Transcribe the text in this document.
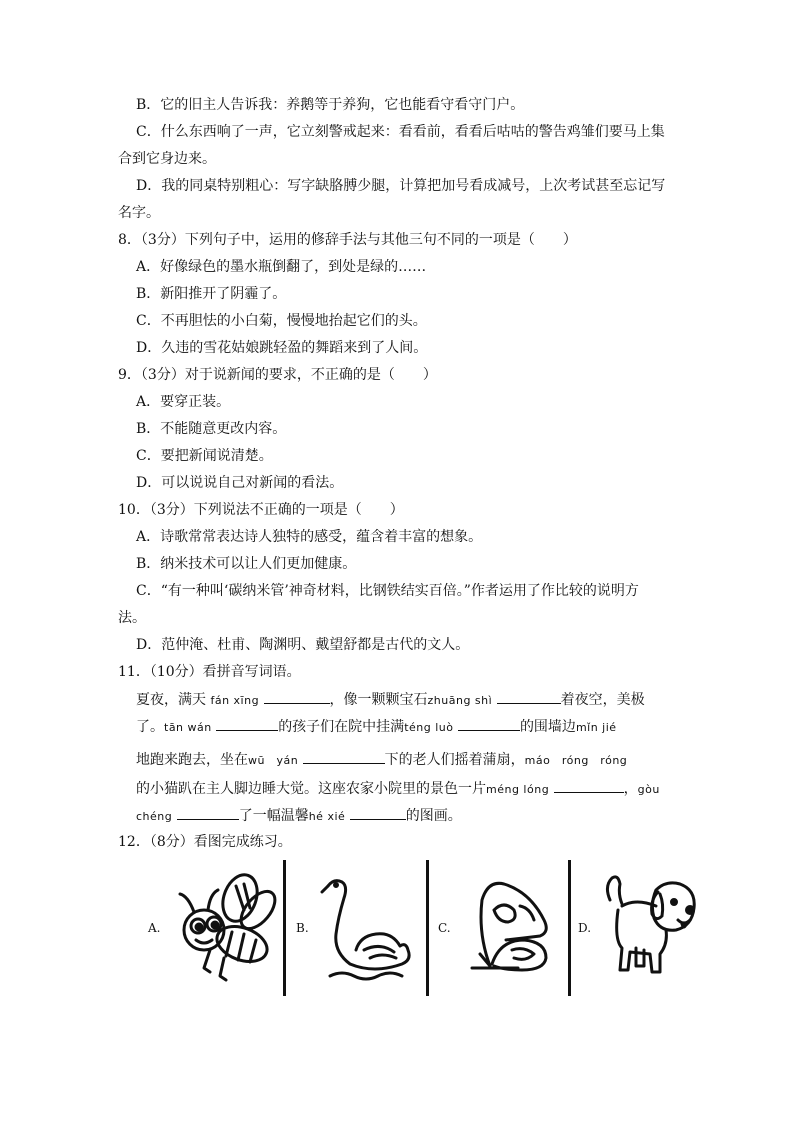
B．它的旧主人告诉我：养鹅等于养狗，它也能看守看守门户。
C．什么东西响了一声，它立刻警戒起来：看看前，看看后咕咕的警告鸡雏们要马上集
合到它身边来。
D．我的同桌特别粗心：写字缺胳膊少腿，计算把加号看成减号，上次考试甚至忘记写
名字。
8．（3分）下列句子中，运用的修辞手法与其他三句不同的一项是（　　）
A．好像绿色的墨水瓶倒翻了，到处是绿的……
B．新阳推开了阴霾了。
C．不再胆怯的小白菊，慢慢地抬起它们的头。
D．久违的雪花姑娘跳轻盈的舞蹈来到了人间。
9．（3分）对于说新闻的要求，不正确的是（　　）
A．要穿正装。
B．不能随意更改内容。
C．要把新闻说清楚。
D．可以说说自己对新闻的看法。
10．（3分）下列说法不正确的一项是（　　）
A．诗歌常常表达诗人独特的感受，蕴含着丰富的想象。
B．纳米技术可以让人们更加健康。
C．“有一种叫‘碳纳米管’神奇材料，比钢铁结实百倍。”作者运用了作比较的说明方
法。
D．范仲淹、杜甫、陶渊明、戴望舒都是古代的文人。
11．（10分）看拼音写词语。
夏夜，满天 fán xīng	，像一颗颗宝石zhuāng shì	着夜空，美极
了。tān wán	的孩子们在院中挂满téng luò	的围墙边mǐn jié
地跑来跑去，坐在wū　yán	下的老人们摇着蒲扇，máo　róng　róng
的小猫趴在主人脚边睡大觉。这座农家小院里的景色一片méng lóng	，gòu
chéng	了一幅温馨hé xié	的图画。
12．（8分）看图完成练习。
A.	B.	C.	D.
